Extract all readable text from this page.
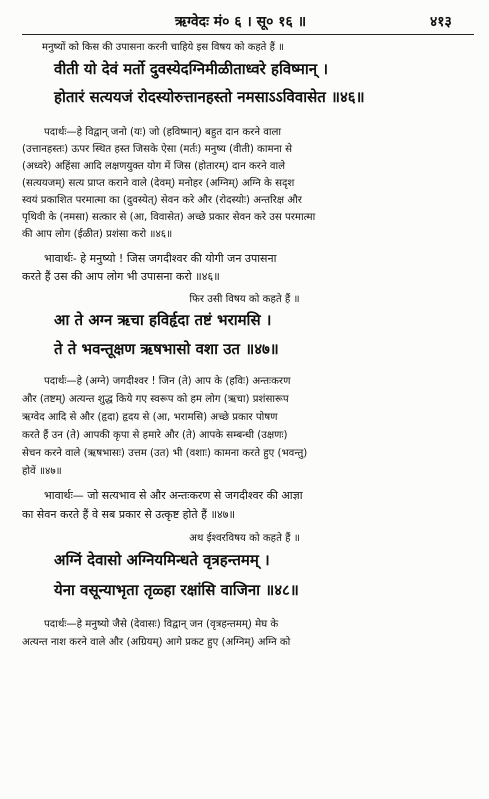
ऋग्वेदः मं० ६ । सू० १६ ॥	४१३
मनुष्यों को किस की उपासना करनी चाहिये इस विषय को कहते हैं ॥
वीती यो देवं मर्तो दुवस्येदग्निमीळीताध्वरे हविष्मान् ।
होतारं सत्ययजं रोदस्योरुत्तानहस्तो नमसाऽऽविवासेत ॥४६॥
पदार्थः—हे विद्वान् जनो (यः) जो (हविष्मान्) बहुत दान करने वाला
(उत्तानहस्तः) ऊपर स्थित हस्त जिसके ऐसा (मर्तः) मनुष्य (वीती) कामना से
(अध्वरे) अहिंसा आदि लक्षणयुक्त योग में जिस (होतारम्) दान करने वाले
(सत्ययजम्) सत्य प्राप्त कराने वाले (देवम्) मनोहर (अग्निम्) अग्नि के सदृश
स्वयं प्रकाशित परमात्मा का (दुवस्येत्) सेवन करे और (रोदस्योः) अन्तरिक्ष और
पृथिवी के (नमसा) सत्कार से (आ, विवासेत) अच्छे प्रकार सेवन करे उस परमात्मा
की आप लोग (ईळीत) प्रशंसा करो ॥४६॥
भावार्थः- हे मनुष्यो ! जिस जगदीश्वर की योगी जन उपासना
करते हैं उस की आप लोग भी उपासना करो ॥४६॥
फिर उसी विषय को कहते हैं ॥
आ ते अग्न ऋचा हविर्हृदा तष्टं भरामसि ।
ते ते भवन्तूक्षण ऋषभासो वशा उत ॥४७॥
पदार्थः—हे (अग्ने) जगदीश्वर ! जिन (ते) आप के (हविः) अन्तःकरण
और (तष्टम्) अत्यन्त शुद्ध किये गए स्वरूप को हम लोग (ऋचा) प्रशंसारूप
ऋग्वेद आदि से और (हृदा) हृदय से (आ, भरामसि) अच्छे प्रकार पोषण
करते हैं उन (ते) आपकी कृपा से हमारे और (ते) आपके सम्बन्धी (उक्षणः)
सेचन करने वाले (ऋषभासः) उत्तम (उत) भी (वशाः) कामना करते हुए (भवन्तु)
होवें ॥४७॥
भावार्थः— जो सत्यभाव से और अन्तःकरण से जगदीश्वर की आज्ञा
का सेवन करते हैं वे सब प्रकार से उत्कृष्ट होते हैं ॥४७॥
अथ ईश्वरविषय को कहते हैं ॥
अग्निं देवासो अग्नियमिन्धते वृत्रहन्तमम् ।
येना वसून्याभृता तृळ्हा रक्षांसि वाजिना ॥४८॥
पदार्थः—हे मनुष्यो जैसे (देवासः) विद्वान् जन (वृत्रहन्तमम्) मेघ के
अत्यन्त नाश करने वाले और (अग्रियम्) आगे प्रकट हुए (अग्निम्) अग्नि को
